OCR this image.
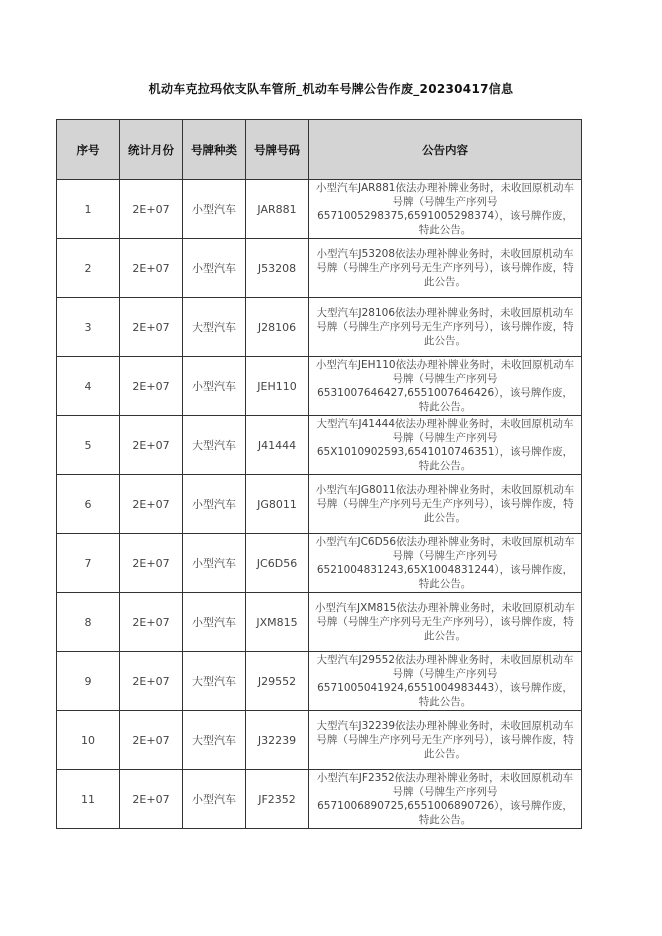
机动车克拉玛依支队车管所_机动车号牌公告作废_20230417信息
序号	统计月份	号牌种类	号牌号码	公告内容
1	2E+07	小型汽车	JAR881	小型汽车JAR881依法办理补牌业务时，未收回原机动车号牌（号牌生产序列号6571005298375,6591005298374），该号牌作废，特此公告。
2	2E+07	小型汽车	J53208	小型汽车J53208依法办理补牌业务时，未收回原机动车号牌（号牌生产序列号无生产序列号），该号牌作废，特此公告。
3	2E+07	大型汽车	J28106	大型汽车J28106依法办理补牌业务时，未收回原机动车号牌（号牌生产序列号无生产序列号），该号牌作废，特此公告。
4	2E+07	小型汽车	JEH110	小型汽车JEH110依法办理补牌业务时，未收回原机动车号牌（号牌生产序列号6531007646427,6551007646426），该号牌作废，特此公告。
5	2E+07	大型汽车	J41444	大型汽车J41444依法办理补牌业务时，未收回原机动车号牌（号牌生产序列号65X1010902593,6541010746351），该号牌作废，特此公告。
6	2E+07	小型汽车	JG8011	小型汽车JG8011依法办理补牌业务时，未收回原机动车号牌（号牌生产序列号无生产序列号），该号牌作废，特此公告。
7	2E+07	小型汽车	JC6D56	小型汽车JC6D56依法办理补牌业务时，未收回原机动车号牌（号牌生产序列号6521004831243,65X1004831244），该号牌作废，特此公告。
8	2E+07	小型汽车	JXM815	小型汽车JXM815依法办理补牌业务时，未收回原机动车号牌（号牌生产序列号无生产序列号），该号牌作废，特此公告。
9	2E+07	大型汽车	J29552	大型汽车J29552依法办理补牌业务时，未收回原机动车号牌（号牌生产序列号6571005041924,6551004983443），该号牌作废，特此公告。
10	2E+07	大型汽车	J32239	大型汽车J32239依法办理补牌业务时，未收回原机动车号牌（号牌生产序列号无生产序列号），该号牌作废，特此公告。
11	2E+07	小型汽车	JF2352	小型汽车JF2352依法办理补牌业务时，未收回原机动车号牌（号牌生产序列号6571006890725,6551006890726），该号牌作废，特此公告。
